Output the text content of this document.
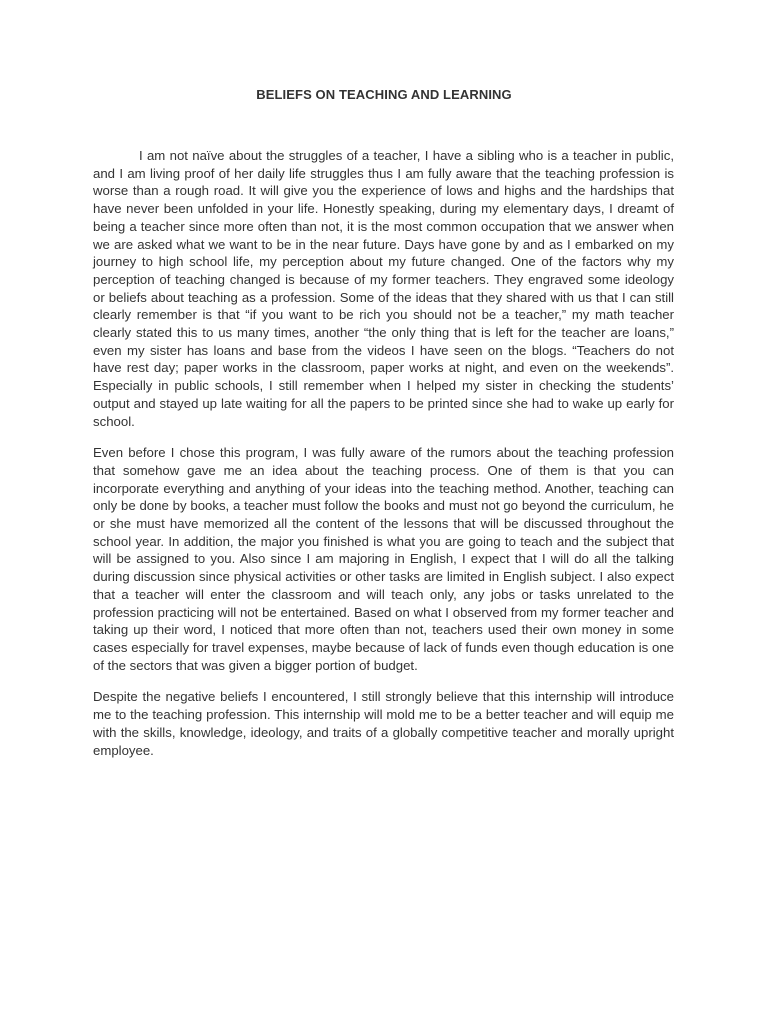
BELIEFS ON TEACHING AND LEARNING

I am not naïve about the struggles of a teacher, I have a sibling who is a teacher in public, and I am living proof of her daily life struggles thus I am fully aware that the teaching profession is worse than a rough road. It will give you the experience of lows and highs and the hardships that have never been unfolded in your life. Honestly speaking, during my elementary days, I dreamt of being a teacher since more often than not, it is the most common occupation that we answer when we are asked what we want to be in the near future. Days have gone by and as I embarked on my journey to high school life, my perception about my future changed. One of the factors why my perception of teaching changed is because of my former teachers. They engraved some ideology or beliefs about teaching as a profession. Some of the ideas that they shared with us that I can still clearly remember is that “if you want to be rich you should not be a teacher,” my math teacher clearly stated this to us many times, another “the only thing that is left for the teacher are loans,” even my sister has loans and base from the videos I have seen on the blogs. “Teachers do not have rest day; paper works in the classroom, paper works at night, and even on the weekends”. Especially in public schools, I still remember when I helped my sister in checking the students’ output and stayed up late waiting for all the papers to be printed since she had to wake up early for school.

Even before I chose this program, I was fully aware of the rumors about the teaching profession that somehow gave me an idea about the teaching process. One of them is that you can incorporate everything and anything of your ideas into the teaching method. Another, teaching can only be done by books, a teacher must follow the books and must not go beyond the curriculum, he or she must have memorized all the content of the lessons that will be discussed throughout the school year. In addition, the major you finished is what you are going to teach and the subject that will be assigned to you. Also since I am majoring in English, I expect that I will do all the talking during discussion since physical activities or other tasks are limited in English subject. I also expect that a teacher will enter the classroom and will teach only, any jobs or tasks unrelated to the profession practicing will not be entertained. Based on what I observed from my former teacher and taking up their word, I noticed that more often than not, teachers used their own money in some cases especially for travel expenses, maybe because of lack of funds even though education is one of the sectors that was given a bigger portion of budget.

Despite the negative beliefs I encountered, I still strongly believe that this internship will introduce me to the teaching profession. This internship will mold me to be a better teacher and will equip me with the skills, knowledge, ideology, and traits of a globally competitive teacher and morally upright employee.
